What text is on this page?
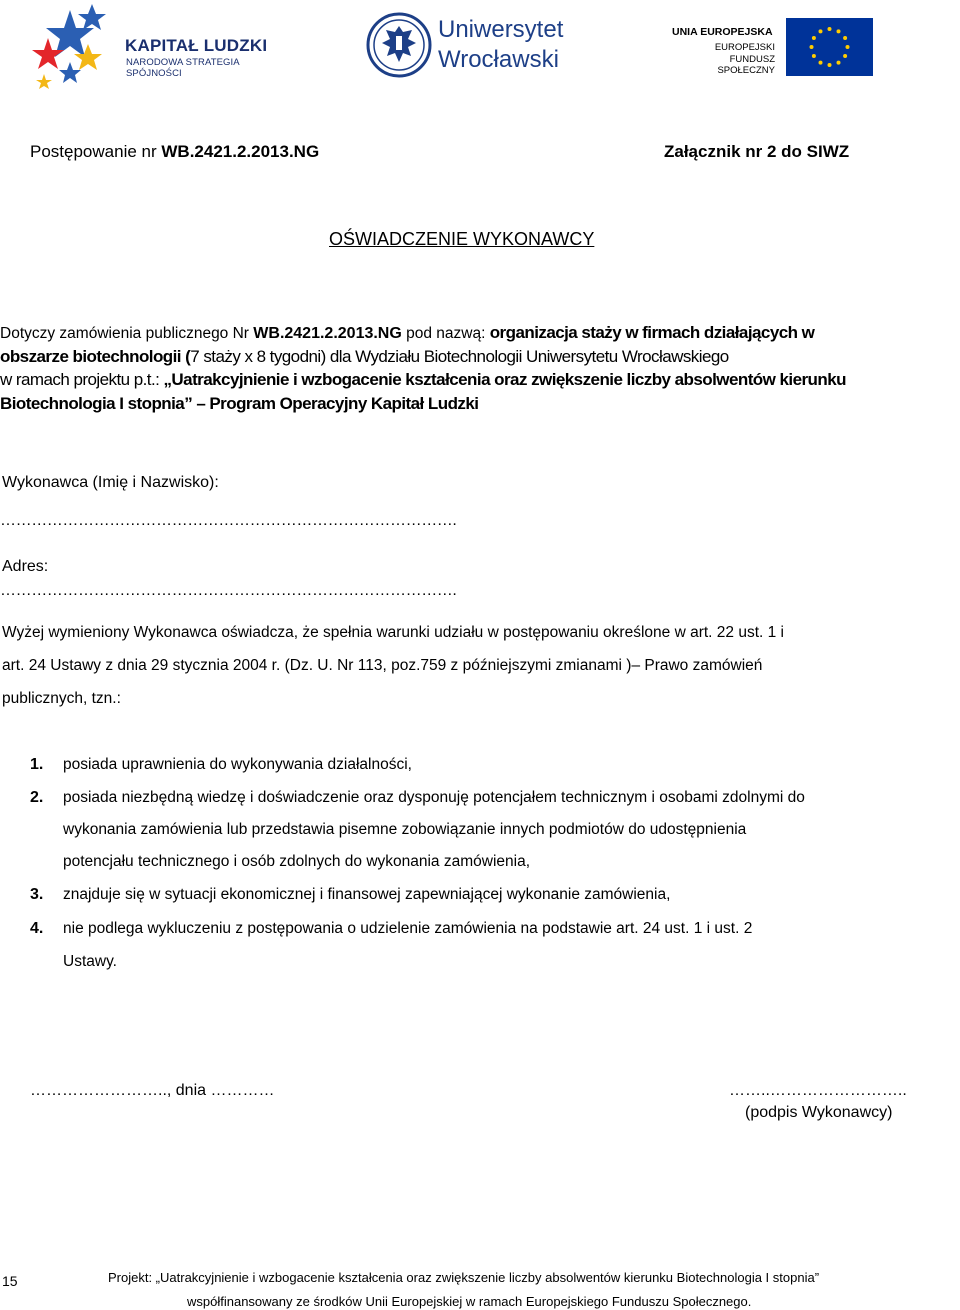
KAPITAŁ LUDZKI
NARODOWA STRATEGIA SPÓJNOŚCI
Uniwersytet
Wrocławski
UNIA EUROPEJSKA
EUROPEJSKI
FUNDUSZ SPOŁECZNY
Postępowanie nr WB.2421.2.2013.NG	Załącznik nr 2 do SIWZ
OŚWIADCZENIE WYKONAWCY
Dotyczy zamówienia publicznego Nr WB.2421.2.2013.NG pod nazwą: organizacja staży w firmach działających w
obszarze biotechnologii (7 staży x 8 tygodni) dla Wydziału Biotechnologii Uniwersytetu Wrocławskiego
w ramach projektu p.t.: „Uatrakcyjnienie i wzbogacenie kształcenia oraz zwiększenie liczby absolwentów kierunku
Biotechnologia I stopnia” – Program Operacyjny Kapitał Ludzki
Wykonawca (Imię i Nazwisko):
…………………………………………………………………………….
Adres:
…………………………………………………………………………….
Wyżej wymieniony Wykonawca oświadcza, że spełnia warunki udziału w postępowaniu określone w art. 22 ust. 1 i
art. 24 Ustawy z dnia 29 stycznia 2004 r. (Dz. U. Nr 113, poz.759 z późniejszymi zmianami )– Prawo zamówień
publicznych, tzn.:
1. posiada uprawnienia do wykonywania działalności,
2. posiada niezbędną wiedzę i doświadczenie oraz dysponuję potencjałem technicznym i osobami zdolnymi do
wykonania zamówienia lub przedstawia pisemne zobowiązanie innych podmiotów do udostępnienia
potencjału technicznego i osób zdolnych do wykonania zamówienia,
3. znajduje się w sytuacji ekonomicznej i finansowej zapewniającej wykonanie zamówienia,
4. nie podlega wykluczeniu z postępowania o udzielenie zamówienia na podstawie art. 24 ust. 1 i ust. 2
Ustawy.
…………………….., dnia …………	……..……………………..
(podpis Wykonawcy)
15	Projekt: „Uatrakcyjnienie i wzbogacenie kształcenia oraz zwiększenie liczby absolwentów kierunku Biotechnologia I stopnia”
współfinansowany ze środków Unii Europejskiej w ramach Europejskiego Funduszu Społecznego.
